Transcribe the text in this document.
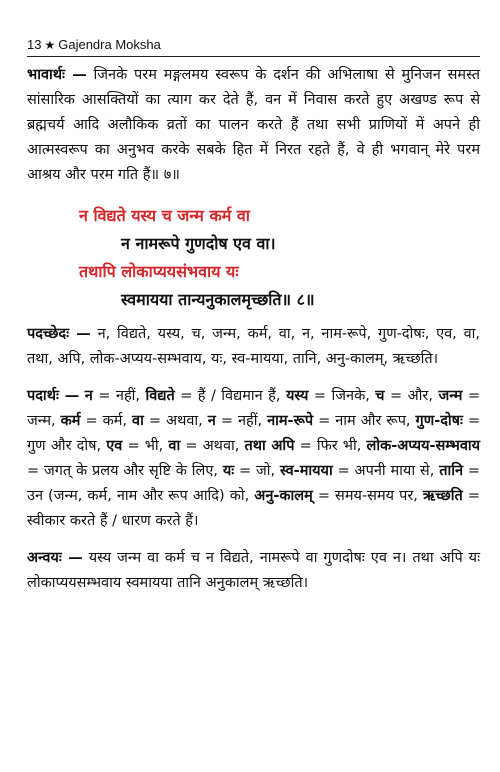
13 ★ Gajendra Moksha

भावार्थः — जिनके परम मङ्गलमय स्वरूप के दर्शन की अभिलाषा से मुनिजन समस्त सांसारिक आसक्तियों का त्याग कर देते हैं, वन में निवास करते हुए अखण्ड रूप से ब्रह्मचर्य आदि अलौकिक व्रतों का पालन करते हैं तथा सभी प्राणियों में अपने ही आत्मस्वरूप का अनुभव करके सबके हित में निरत रहते हैं, वे ही भगवान् मेरे परम आश्रय और परम गति हैं॥ ७॥

न विद्यते यस्य च जन्म कर्म वा

न नामरूपे गुणदोष एव वा।

तथापि लोकाप्ययसंभवाय यः

स्वमायया तान्यनुकालमृच्छति॥ ८॥

पदच्छेदः — न, विद्यते, यस्य, च, जन्म, कर्म, वा, न, नाम-रूपे, गुण-दोषः, एव, वा, तथा, अपि, लोक-अप्यय-सम्भवाय, यः, स्व-मायया, तानि, अनु-कालम्, ऋच्छति।

पदार्थः — न = नहीं, विद्यते = हैं / विद्यमान हैं, यस्य = जिनके, च = और, जन्म = जन्म, कर्म = कर्म, वा = अथवा, न = नहीं, नाम-रूपे = नाम और रूप, गुण-दोषः = गुण और दोष, एव = भी, वा = अथवा, तथा अपि = फिर भी, लोक-अप्यय-सम्भवाय = जगत् के प्रलय और सृष्टि के लिए, यः = जो, स्व-मायया = अपनी माया से, तानि = उन (जन्म, कर्म, नाम और रूप आदि) को, अनु-कालम् = समय-समय पर, ऋच्छति = स्वीकार करते हैं / धारण करते हैं।

अन्वयः — यस्य जन्म वा कर्म च न विद्यते, नामरूपे वा गुणदोषः एव न। तथा अपि यः लोकाप्ययसम्भवाय स्वमायया तानि अनुकालम् ऋच्छति।
